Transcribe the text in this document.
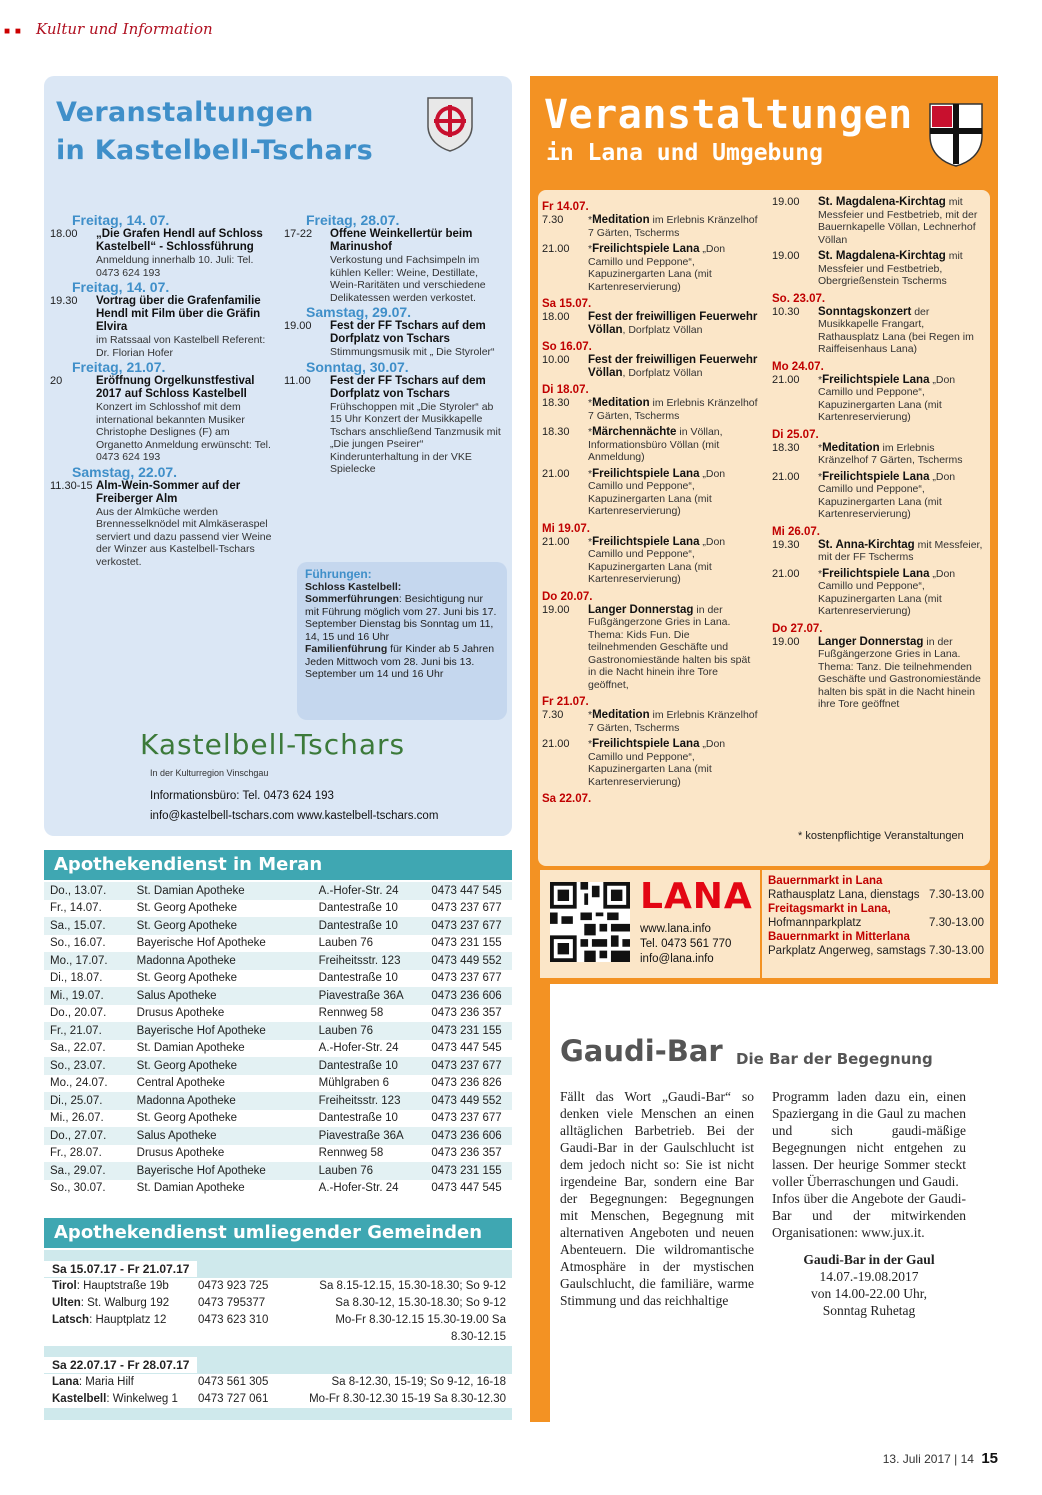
■ ■ Kultur und Information
Veranstaltungen
in Kastelbell-Tschars
Freitag, 14. 07.
18.00	„Die Grafen Hendl auf Schloss Kastelbell“ - Schlossführung
Anmeldung innerhalb 10. Juli: Tel. 0473 624 193
Freitag, 14. 07.
19.30	Vortrag über die Grafenfamilie Hendl mit Film über die Gräfin Elvira
im Ratssaal von Kastelbell Referent: Dr. Florian Hofer
Freitag, 21.07.
20	Eröffnung Orgelkunstfestival 2017 auf Schloss Kastelbell
Konzert im Schlosshof mit dem international bekannten Musiker Christophe Deslignes (F) am Organetto Anmeldung erwünscht: Tel. 0473 624 193
Samstag, 22.07.
11.30-15 Alm-Wein-Sommer auf der Freiberger Alm
Aus der Almküche werden Brennesselknödel mit Almkäseraspel serviert und dazu passend vier Weine der Winzer aus Kastelbell-Tschars verkostet.
Freitag, 28.07.
17-22	Offene Weinkellertür beim Marinushof
Verkostung und Fachsimpeln im kühlen Keller: Weine, Destillate, Wein-Raritäten und verschiedene Delikatessen werden verkostet.
Samstag, 29.07.
19.00	Fest der FF Tschars auf dem Dorfplatz von Tschars
Stimmungsmusik mit „ Die Styroler“
Sonntag, 30.07.
11.00	Fest der FF Tschars auf dem Dorfplatz von Tschars
Frühschoppen mit „Die Styroler“ ab 15 Uhr Konzert der Musikkapelle Tschars anschließend Tanzmusik mit „Die jungen Pseirer“ Kinderunterhaltung in der VKE Spielecke
Führungen:
Schloss Kastelbell:
Sommerführungen: Besichtigung nur mit Führung möglich vom 27. Juni bis 17. September Dienstag bis Sonntag um 11, 14, 15 und 16 Uhr
Familienführung für Kinder ab 5 Jahren Jeden Mittwoch vom 28. Juni bis 13. September um 14 und 16 Uhr
Kastelbell-Tschars
In der Kulturregion Vinschgau
Informationsbüro: Tel. 0473 624 193
info@kastelbell-tschars.com www.kastelbell-tschars.com
Apothekendienst in Meran
Do., 13.07.	St. Damian Apotheke	A.-Hofer-Str. 24	0473 447 545
Fr., 14.07.	St. Georg Apotheke	Dantestraße 10	0473 237 677
Sa., 15.07.	St. Georg Apotheke	Dantestraße 10	0473 237 677
So., 16.07.	Bayerische Hof Apotheke	Lauben 76	0473 231 155
Mo., 17.07.	Madonna Apotheke	Freiheitsstr. 123	0473 449 552
Di., 18.07.	St. Georg Apotheke	Dantestraße 10	0473 237 677
Mi., 19.07.	Salus Apotheke	Piavestraße 36A	0473 236 606
Do., 20.07.	Drusus Apotheke	Rennweg 58	0473 236 357
Fr., 21.07.	Bayerische Hof Apotheke	Lauben 76	0473 231 155
Sa., 22.07.	St. Damian Apotheke	A.-Hofer-Str. 24	0473 447 545
So., 23.07.	St. Georg Apotheke	Dantestraße 10	0473 237 677
Mo., 24.07.	Central Apotheke	Mühlgraben 6	0473 236 826
Di., 25.07.	Madonna Apotheke	Freiheitsstr. 123	0473 449 552
Mi., 26.07.	St. Georg Apotheke	Dantestraße 10	0473 237 677
Do., 27.07.	Salus Apotheke	Piavestraße 36A	0473 236 606
Fr., 28.07.	Drusus Apotheke	Rennweg 58	0473 236 357
Sa., 29.07.	Bayerische Hof Apotheke	Lauben 76	0473 231 155
So., 30.07.	St. Damian Apotheke	A.-Hofer-Str. 24	0473 447 545
Apothekendienst umliegender Gemeinden
Sa 15.07.17 - Fr 21.07.17
Tirol: Hauptstraße 19b	0473 923 725	Sa 8.15-12.15, 15.30-18.30; So 9-12
Ulten: St. Walburg 192	0473 795377	Sa 8.30-12, 15.30-18.30; So 9-12
Latsch: Hauptplatz 12	0473 623 310	Mo-Fr 8.30-12.15 15.30-19.00 Sa 8.30-12.15
Sa 22.07.17 - Fr 28.07.17
Lana: Maria Hilf	0473 561 305	Sa 8-12.30, 15-19; So 9-12, 16-18
Kastelbell: Winkelweg 1	0473 727 061	Mo-Fr 8.30-12.30 15-19 Sa 8.30-12.30
Veranstaltungen
in Lana und Umgebung
Fr 14.07.
7.30	*Meditation im Erlebnis Kränzelhof 7 Gärten, Tscherms
21.00	*Freilichtspiele Lana „Don Camillo und Peppone“, Kapuzinergarten Lana (mit Kartenreservierung)
Sa 15.07.
18.00	Fest der freiwilligen Feuerwehr Völlan, Dorfplatz Völlan
So 16.07.
10.00	Fest der freiwilligen Feuerwehr Völlan, Dorfplatz Völlan
Di 18.07.
18.30	*Meditation im Erlebnis Kränzelhof 7 Gärten, Tscherms
18.30	*Märchennächte in Völlan, Informationsbüro Völlan (mit Anmeldung)
21.00	*Freilichtspiele Lana „Don Camillo und Peppone“, Kapuzinergarten Lana (mit Kartenreservierung)
Mi 19.07.
21.00	*Freilichtspiele Lana „Don Camillo und Peppone“, Kapuzinergarten Lana (mit Kartenreservierung)
Do 20.07.
19.00	Langer Donnerstag in der Fußgängerzone Gries in Lana. Thema: Kids Fun. Die teilnehmenden Geschäfte und Gastronomiestände halten bis spät in die Nacht hinein ihre Tore geöffnet,
Fr 21.07.
7.30	*Meditation im Erlebnis Kränzelhof 7 Gärten, Tscherms
21.00	*Freilichtspiele Lana „Don Camillo und Peppone“, Kapuzinergarten Lana (mit Kartenreservierung)
Sa 22.07.
19.00	St. Magdalena-Kirchtag mit Messfeier und Festbetrieb, mit der Bauernkapelle Völlan, Lechnerhof Völlan
19.00	St. Magdalena-Kirchtag mit Messfeier und Festbetrieb, Obergrießenstein Tscherms
So. 23.07.
10.30	Sonntagskonzert der Musikkapelle Frangart, Rathausplatz Lana (bei Regen im Raiffeisenhaus Lana)
Mo 24.07.
21.00	*Freilichtspiele Lana „Don Camillo und Peppone“, Kapuzinergarten Lana (mit Kartenreservierung)
Di 25.07.
18.30	*Meditation im Erlebnis Kränzelhof 7 Gärten, Tscherms
21.00	*Freilichtspiele Lana „Don Camillo und Peppone“, Kapuzinergarten Lana (mit Kartenreservierung)
Mi 26.07.
19.30	St. Anna-Kirchtag mit Messfeier, mit der FF Tscherms
21.00	*Freilichtspiele Lana „Don Camillo und Peppone“, Kapuzinergarten Lana (mit Kartenreservierung)
Do 27.07.
19.00	Langer Donnerstag in der Fußgängerzone Gries in Lana. Thema: Tanz. Die teilnehmenden Geschäfte und Gastronomiestände halten bis spät in die Nacht hinein ihre Tore geöffnet
* kostenpflichtige Veranstaltungen
LANA
www.lana.info
Tel. 0473 561 770
info@lana.info
Bauernmarkt in Lana
Rathausplatz Lana, dienstags 7.30-13.00
Freitagsmarkt in Lana,
Hofmannparkplatz	7.30-13.00
Bauernmarkt in Mitterlana
Parkplatz Angerweg, samstags 7.30-13.00
Gaudi-Bar Die Bar der Begegnung
Fällt das Wort „Gaudi-Bar“ so denken viele Menschen an einen alltäglichen Barbetrieb. Bei der Gaudi-Bar in der Gaulschlucht ist dem jedoch nicht so: Sie ist nicht irgendeine Bar, sondern eine Bar der Begegnungen: Begegnungen mit Menschen, Begegnung mit alternativen Angeboten und neuen Abenteuern. Die wildromantische Atmosphäre in der mystischen Gaulschlucht, die familiäre, warme Stimmung und das reichhaltige
Programm laden dazu ein, einen Spaziergang in die Gaul zu machen und sich gaudi-mäßige Begegnungen nicht entgehen zu lassen. Der heurige Sommer steckt voller Überraschungen und Gaudi.
Infos über die Angebote der Gaudi-Bar und der mitwirkenden Organisationen: www.jux.it.
Gaudi-Bar in der Gaul
14.07.-19.08.2017
von 14.00-22.00 Uhr,
Sonntag Ruhetag
13. Juli 2017 | 14 15
